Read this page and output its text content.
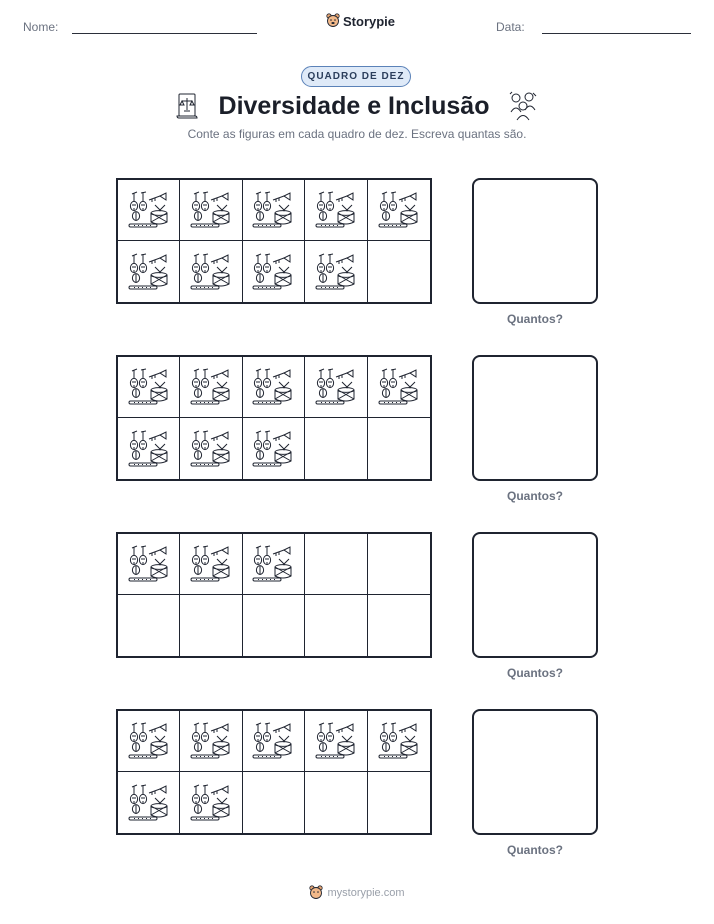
Nome:	Storypie	Data:
QUADRO DE DEZ
Diversidade e Inclusão
Conte as figuras em cada quadro de dez. Escreva quantas são.
Quantos?
Quantos?
Quantos?
Quantos?
mystorypie.com
